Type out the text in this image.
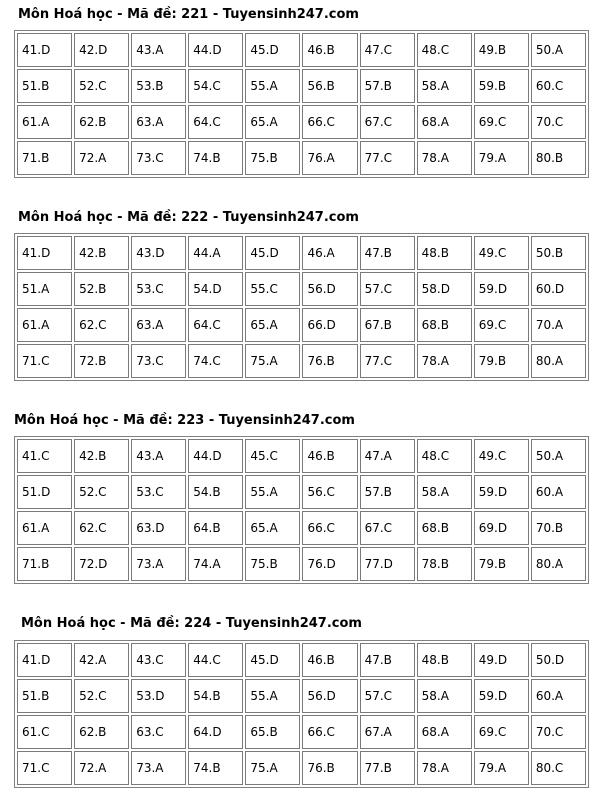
Môn Hoá học - Mã đề: 221 - Tuyensinh247.com
41.D	42.D	43.A	44.D	45.D	46.B	47.C	48.C	49.B	50.A
51.B	52.C	53.B	54.C	55.A	56.B	57.B	58.A	59.B	60.C
61.A	62.B	63.A	64.C	65.A	66.C	67.C	68.A	69.C	70.C
71.B	72.A	73.C	74.B	75.B	76.A	77.C	78.A	79.A	80.B
Môn Hoá học - Mã đề: 222 - Tuyensinh247.com
41.D	42.B	43.D	44.A	45.D	46.A	47.B	48.B	49.C	50.B
51.A	52.B	53.C	54.D	55.C	56.D	57.C	58.D	59.D	60.D
61.A	62.C	63.A	64.C	65.A	66.D	67.B	68.B	69.C	70.A
71.C	72.B	73.C	74.C	75.A	76.B	77.C	78.A	79.B	80.A
Môn Hoá học - Mã đề: 223 - Tuyensinh247.com
41.C	42.B	43.A	44.D	45.C	46.B	47.A	48.C	49.C	50.A
51.D	52.C	53.C	54.B	55.A	56.C	57.B	58.A	59.D	60.A
61.A	62.C	63.D	64.B	65.A	66.C	67.C	68.B	69.D	70.B
71.B	72.D	73.A	74.A	75.B	76.D	77.D	78.B	79.B	80.A
Môn Hoá học - Mã đề: 224 - Tuyensinh247.com
41.D	42.A	43.C	44.C	45.D	46.B	47.B	48.B	49.D	50.D
51.B	52.C	53.D	54.B	55.A	56.D	57.C	58.A	59.D	60.A
61.C	62.B	63.C	64.D	65.B	66.C	67.A	68.A	69.C	70.C
71.C	72.A	73.A	74.B	75.A	76.B	77.B	78.A	79.A	80.C
